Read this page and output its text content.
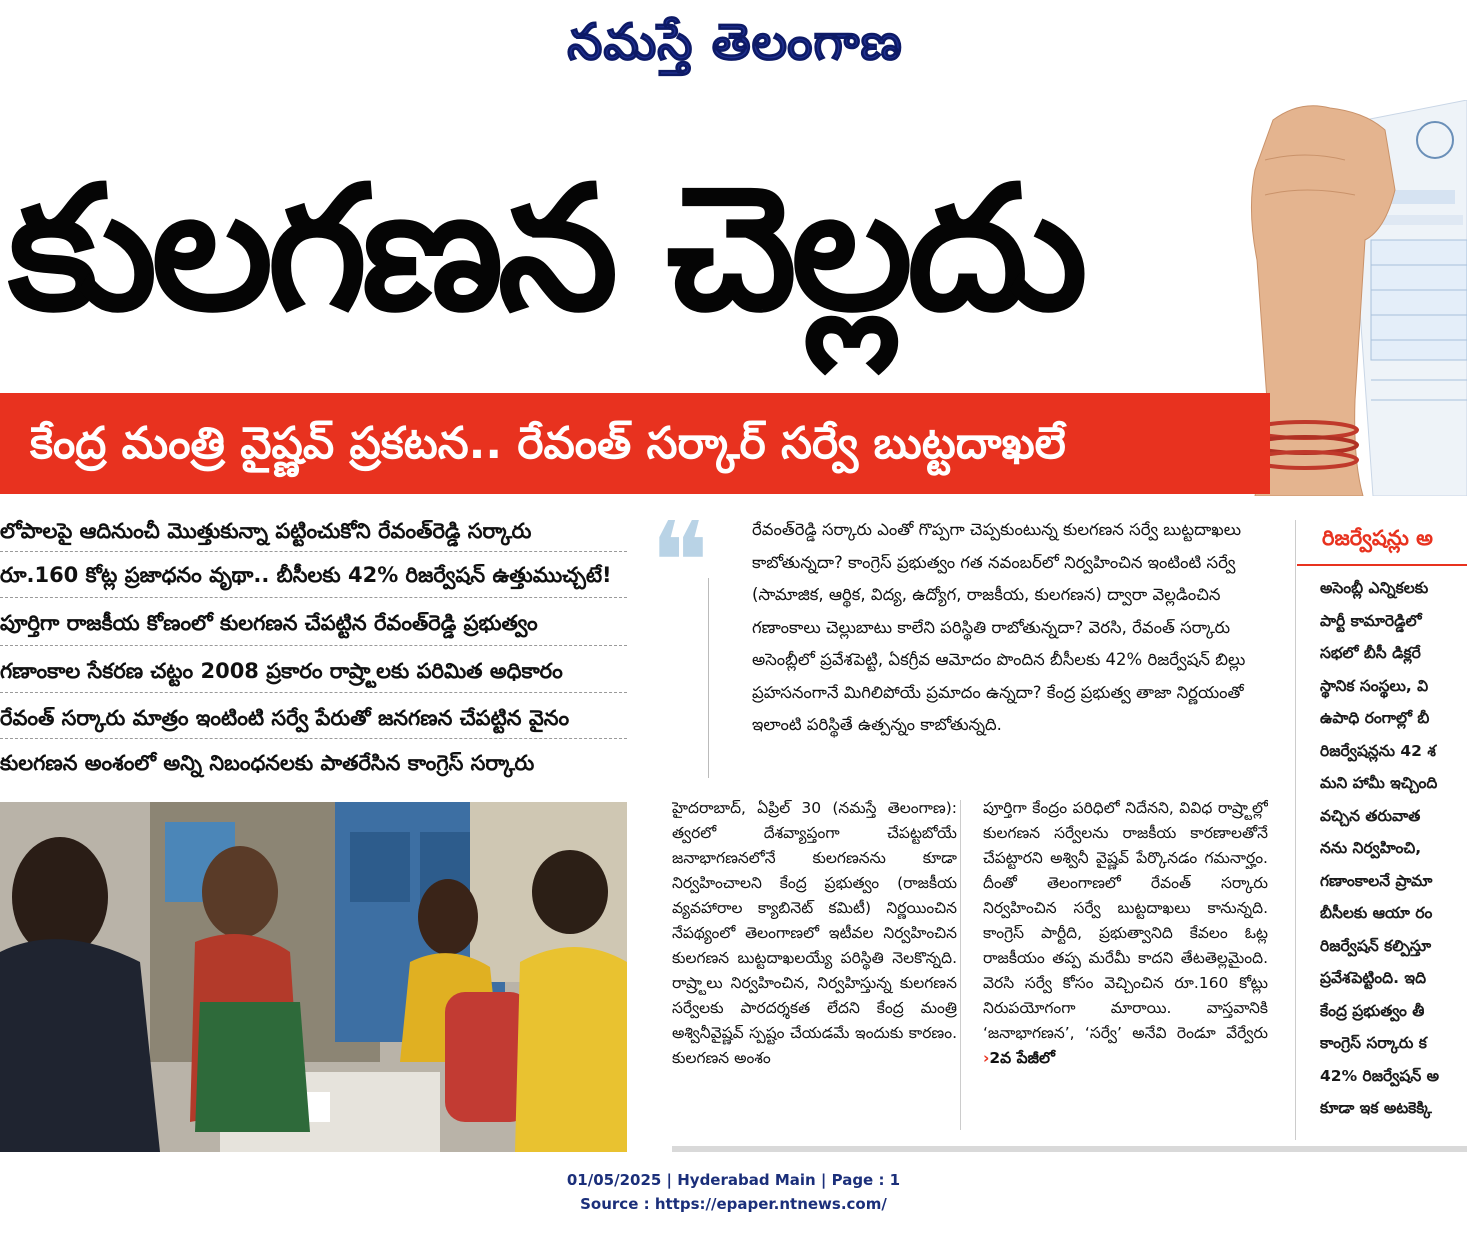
నమస్తే తెలంగాణ
కులగణన చెల్లదు
కేంద్ర మంత్రి వైష్ణవ్ ప్రకటన.. రేవంత్ సర్కార్ సర్వే బుట్టదాఖలే
లోపాలపై ఆదినుంచీ మొత్తుకున్నా పట్టించుకోని రేవంత్‌రెడ్డి సర్కారు
రూ.160 కోట్ల ప్రజాధనం వృథా.. బీసీలకు 42% రిజర్వేషన్ ఉత్తుముచ్చటే!
పూర్తిగా రాజకీయ కోణంలో కులగణన చేపట్టిన రేవంత్‌రెడ్డి ప్రభుత్వం
గణాంకాల సేకరణ చట్టం 2008 ప్రకారం రాష్ర్టాలకు పరిమిత అధికారం
రేవంత్ సర్కారు మాత్రం ఇంటింటి సర్వే పేరుతో జనగణన చేపట్టిన వైనం
కులగణన అంశంలో అన్ని నిబంధనలకు పాతరేసిన కాంగ్రెస్ సర్కారు
❝	రేవంత్‌రెడ్డి సర్కారు ఎంతో గొప్పగా చెప్పకుంటున్న కులగణన సర్వే బుట్టదాఖలు కాబోతున్నదా? కాంగ్రెస్ ప్రభుత్వం గత నవంబర్‌లో నిర్వహించిన ఇంటింటి సర్వే (సామాజిక, ఆర్థిక, విద్య, ఉద్యోగ, రాజకీయ, కులగణన) ద్వారా వెల్లడించిన గణాంకాలు చెల్లుబాటు కాలేని పరిస్థితి రాబోతున్నదా? వెరసి, రేవంత్ సర్కారు అసెంబ్లీలో ప్రవేశపెట్టి, ఏకగ్రీవ ఆమోదం పొందిన బీసీలకు 42% రిజర్వేషన్ బిల్లు ప్రహసనంగానే మిగిలిపోయే ప్రమాదం ఉన్నదా? కేంద్ర ప్రభుత్వ తాజా నిర్ణయంతో ఇలాంటి పరిస్థితే ఉత్పన్నం కాబోతున్నది.
హైదరాబాద్, ఏప్రిల్ 30 (నమస్తే తెలంగాణ): త్వరలో దేశవ్యాప్తంగా చేపట్టబోయే జనాభాగణనలోనే కులగణనను కూడా నిర్వహించాలని కేంద్ర ప్రభుత్వం (రాజకీయ వ్యవహారాల క్యాబినెట్ కమిటీ) నిర్ణయించిన నేపథ్యంలో తెలంగాణలో ఇటీవల నిర్వహించిన కులగణన బుట్టదాఖలయ్యే పరిస్థితి నెలకొన్నది. రాష్ర్టాలు నిర్వహించిన, నిర్వహిస్తున్న కులగణన సర్వేలకు పారదర్శకత లేదని కేంద్ర మంత్రి అశ్వినీవైష్ణవ్ స్పష్టం చేయడమే ఇందుకు కారణం. కులగణన అంశం
పూర్తిగా కేంద్రం పరిధిలో నిదేనని, వివిధ రాష్ర్టాల్లో కులగణన సర్వేలను రాజకీయ కారణాలతోనే చేపట్టారని అశ్వినీ వైష్ణవ్ పేర్కొనడం గమనార్హం. దీంతో తెలంగాణలో రేవంత్ సర్కారు నిర్వహించిన సర్వే బుట్టదాఖలు కానున్నది. కాంగ్రెస్ పార్టీది, ప్రభుత్వానిది కేవలం ఓట్ల రాజకీయం తప్ప మరేమీ కాదని తేటతెల్లమైంది. వెరసి సర్వే కోసం వెచ్చించిన రూ.160 కోట్లు నిరుపయోగంగా మారాయి. వాస్తవానికి ‘జనాభాగణన’, ‘సర్వే’ అనేవి రెండూ వేర్వేరు ›2వ పేజీలో
రిజర్వేషన్లు అ
అసెంబ్లీ ఎన్నికలకు
పార్టీ కామారెడ్డిలో
సభలో బీసీ డిక్లరే
స్థానిక సంస్థలు, వి
ఉపాధి రంగాల్లో బీ
రిజర్వేషన్లను 42 శ
మని హామీ ఇచ్చింది
వచ్చిన తరువాత
నను నిర్వహించి,
గణాంకాలనే ప్రామా
బీసీలకు ఆయా రం
రిజర్వేషన్ కల్పిస్తూ
ప్రవేశపెట్టింది. ఇది
కేంద్ర ప్రభుత్వం తీ
కాంగ్రెస్ సర్కారు క
42% రిజర్వేషన్ అ
కూడా ఇక అటకెక్కి
01/05/2025 | Hyderabad Main | Page : 1
Source : https://epaper.ntnews.com/
